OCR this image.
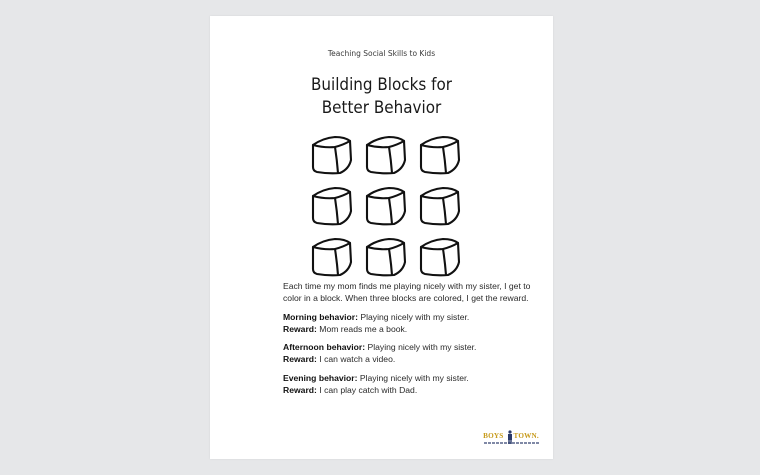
Teaching Social Skills to Kids
Building Blocks for
Better Behavior

Each time my mom finds me playing nicely with my sister, I get to color in a block. When three blocks are colored, I get the reward.

Morning behavior: Playing nicely with my sister.
Reward: Mom reads me a book.

Afternoon behavior: Playing nicely with my sister.
Reward: I can watch a video.

Evening behavior: Playing nicely with my sister.
Reward: I can play catch with Dad.

BOYS TOWN.
